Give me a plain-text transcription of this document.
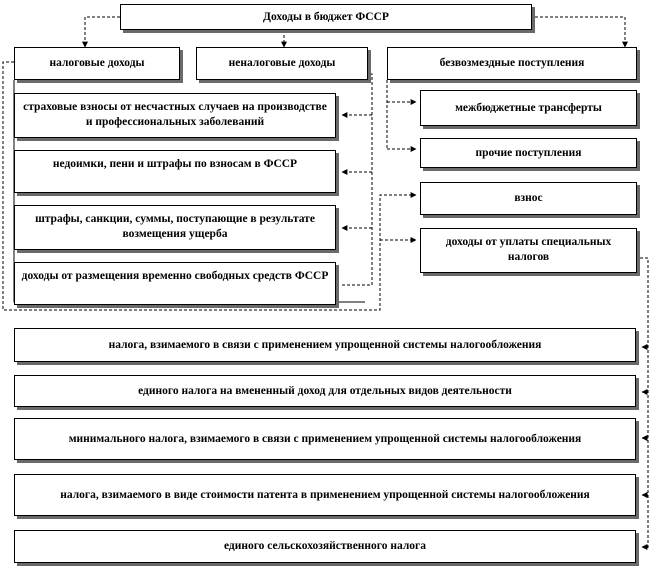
Доходы в бюджет ФССР
налоговые доходы	неналоговые доходы	безвозмездные поступления
страховые взносы от несчастных случаев на производстве и профессиональных заболеваний
недоимки, пени и штрафы по взносам в ФССР
штрафы, санкции, суммы, поступающие в результате возмещения ущерба
доходы от размещения временно свободных средств ФССР
межбюджетные трансферты
прочие поступления
взнос
доходы от уплаты специальных налогов
налога, взимаемого в связи с применением упрощенной системы налогообложения
единого налога на вмененный доход для отдельных видов деятельности
минимального налога, взимаемого в связи с применением упрощенной системы налогообложения
налога, взимаемого в виде стоимости патента в применением упрощенной системы налогообложения
единого сельскохозяйственного налога
